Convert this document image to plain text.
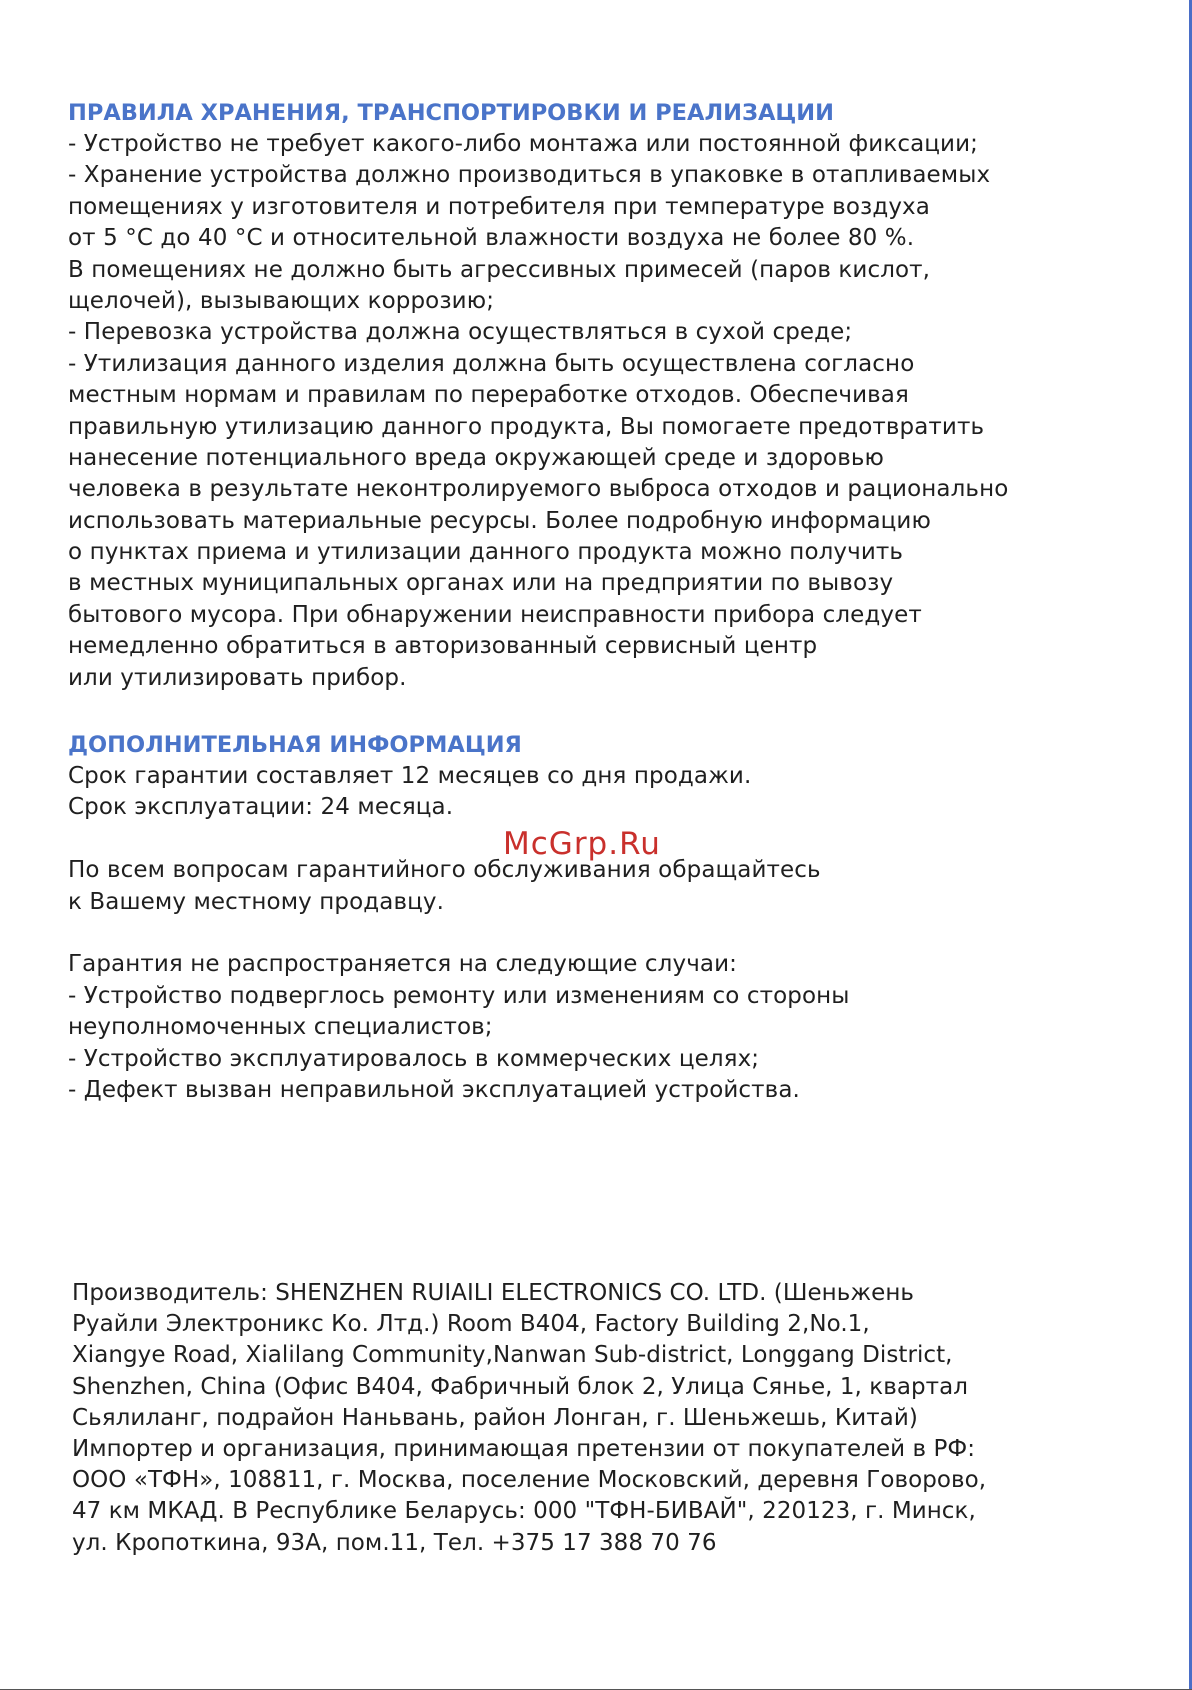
ПРАВИЛА ХРАНЕНИЯ, ТРАНСПОРТИРОВКИ И РЕАЛИЗАЦИИ
- Устройство не требует какого-либо монтажа или постоянной фиксации;
- Хранение устройства должно производиться в упаковке в отапливаемых
помещениях у изготовителя и потребителя при температуре воздуха
от 5 °С до 40 °С и относительной влажности воздуха не более 80 %.
В помещениях не должно быть агрессивных примесей (паров кислот,
щелочей), вызывающих коррозию;
- Перевозка устройства должна осуществляться в сухой среде;
- Утилизация данного изделия должна быть осуществлена согласно
местным нормам и правилам по переработке отходов. Обеспечивая
правильную утилизацию данного продукта, Вы помогаете предотвратить
нанесение потенциального вреда окружающей среде и здоровью
человека в результате неконтролируемого выброса отходов и рационально
использовать материальные ресурсы. Более подробную информацию
о пунктах приема и утилизации данного продукта можно получить
в местных муниципальных органах или на предприятии по вывозу
бытового мусора. При обнаружении неисправности прибора следует
немедленно обратиться в авторизованный сервисный центр
или утилизировать прибор.
ДОПОЛНИТЕЛЬНАЯ ИНФОРМАЦИЯ
Срок гарантии составляет 12 месяцев со дня продажи.
Срок эксплуатации: 24 месяца.
По всем вопросам гарантийного обслуживания обращайтесь
к Вашему местному продавцу.
Гарантия не распространяется на следующие случаи:
- Устройство подверглось ремонту или изменениям со стороны
неуполномоченных специалистов;
- Устройство эксплуатировалось в коммерческих целях;
- Дефект вызван неправильной эксплуатацией устройства.
McGrp.Ru
Производитель: SHENZHEN RUIAILI ELECTRONICS CO. LTD. (Шеньжень
Руайли Электроникс Ко. Лтд.) Room B404, Factory Building 2,No.1,
Xiangye Road, Xialilang Community,Nanwan Sub-district, Longgang District,
Shenzhen, China (Офис В404, Фабричный блок 2, Улица Сянье, 1, квартал
Сьялиланг, подрайон Наньвань, район Лонган, г. Шеньжешь, Китай)
Импортер и организация, принимающая претензии от покупателей в РФ:
ООО «ТФН», 108811, г. Москва, поселение Московский, деревня Говорово,
47 км МКАД. В Республике Беларусь: 000 "ТФН-БИВАЙ", 220123, г. Минск,
ул. Кропоткина, 93А, пом.11, Тел. +375 17 388 70 76
